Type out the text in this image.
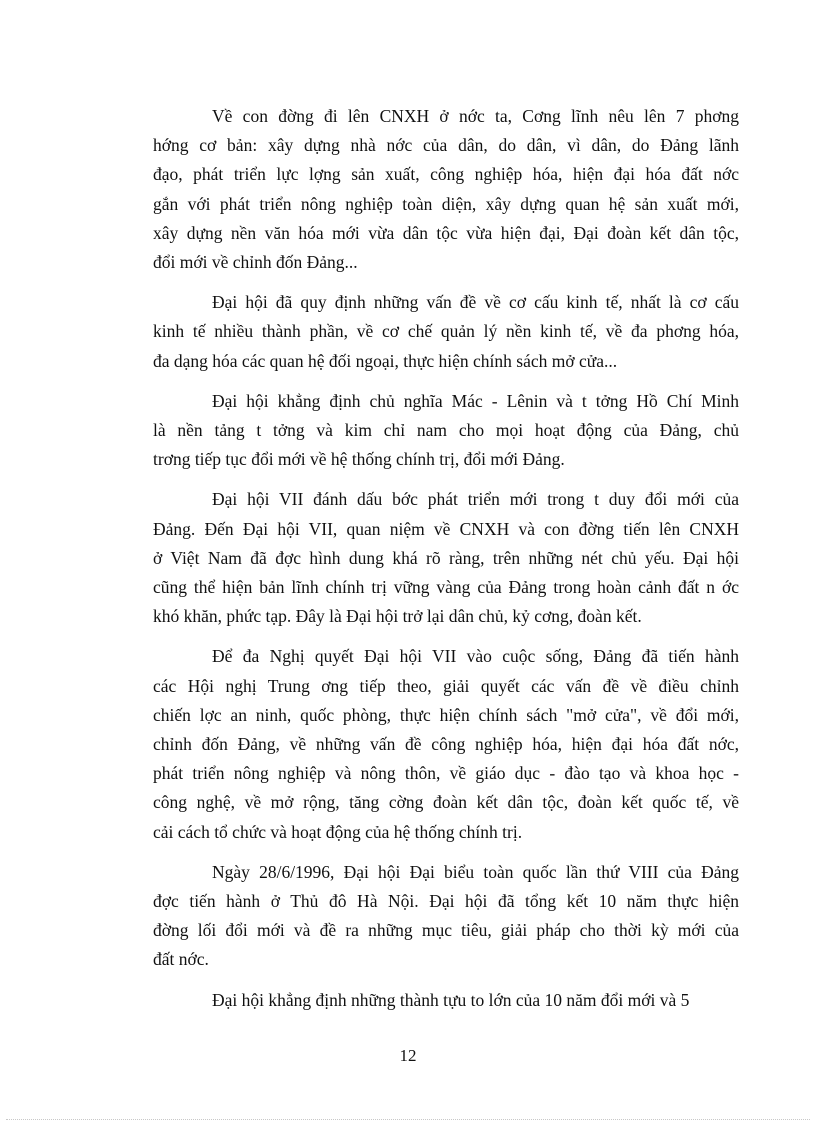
Về con đờng đi lên CNXH ở nớc ta, Cơng lĩnh nêu lên 7 phơng
hớng cơ bản: xây dựng nhà nớc của dân, do dân, vì dân, do Đảng lãnh
đạo, phát triển lực lợng sản xuất, công nghiệp hóa, hiện đại hóa đất nớc
gắn với phát triển nông nghiệp toàn diện, xây dựng quan hệ sản xuất mới,
xây dựng nền văn hóa mới vừa dân tộc vừa hiện đại, Đại đoàn kết dân tộc,
đổi mới về chỉnh đốn Đảng...

Đại hội đã quy định những vấn đề về cơ cấu kinh tế, nhất là cơ cấu
kinh tế nhiều thành phần, về cơ chế quản lý nền kinh tế, về đa phơng hóa,
đa dạng hóa các quan hệ đối ngoại, thực hiện chính sách mở cửa...

Đại hội khẳng định chủ nghĩa Mác - Lênin và t tởng Hồ Chí Minh
là nền tảng t tởng và kim chỉ nam cho mọi hoạt động của Đảng, chủ
trơng tiếp tục đổi mới về hệ thống chính trị, đổi mới Đảng.

Đại hội VII đánh dấu bớc phát triển mới trong t duy đổi mới của
Đảng. Đến Đại hội VII, quan niệm về CNXH và con đờng tiến lên CNXH
ở Việt Nam đã đợc hình dung khá rõ ràng, trên những nét chủ yếu. Đại hội
cũng thể hiện bản lĩnh chính trị vững vàng của Đảng trong hoàn cảnh đất n ớc
khó khăn, phức tạp. Đây là Đại hội trở lại dân chủ, kỷ cơng, đoàn kết.

Để đa Nghị quyết Đại hội VII vào cuộc sống, Đảng đã tiến hành
các Hội nghị Trung ơng tiếp theo, giải quyết các vấn đề về điều chỉnh
chiến lợc an ninh, quốc phòng, thực hiện chính sách "mở cửa", về đổi mới,
chỉnh đốn Đảng, về những vấn đề công nghiệp hóa, hiện đại hóa đất nớc,
phát triển nông nghiệp và nông thôn, về giáo dục - đào tạo và khoa học -
công nghệ, về mở rộng, tăng cờng đoàn kết dân tộc, đoàn kết quốc tế, về
cải cách tổ chức và hoạt động của hệ thống chính trị.

Ngày 28/6/1996, Đại hội Đại biểu toàn quốc lần thứ VIII của Đảng
đợc tiến hành ở Thủ đô Hà Nội. Đại hội đã tổng kết 10 năm thực hiện
đờng lối đổi mới và đề ra những mục tiêu, giải pháp cho thời kỳ mới của
đất nớc.

Đại hội khẳng định những thành tựu to lớn của 10 năm đổi mới và 5

12
